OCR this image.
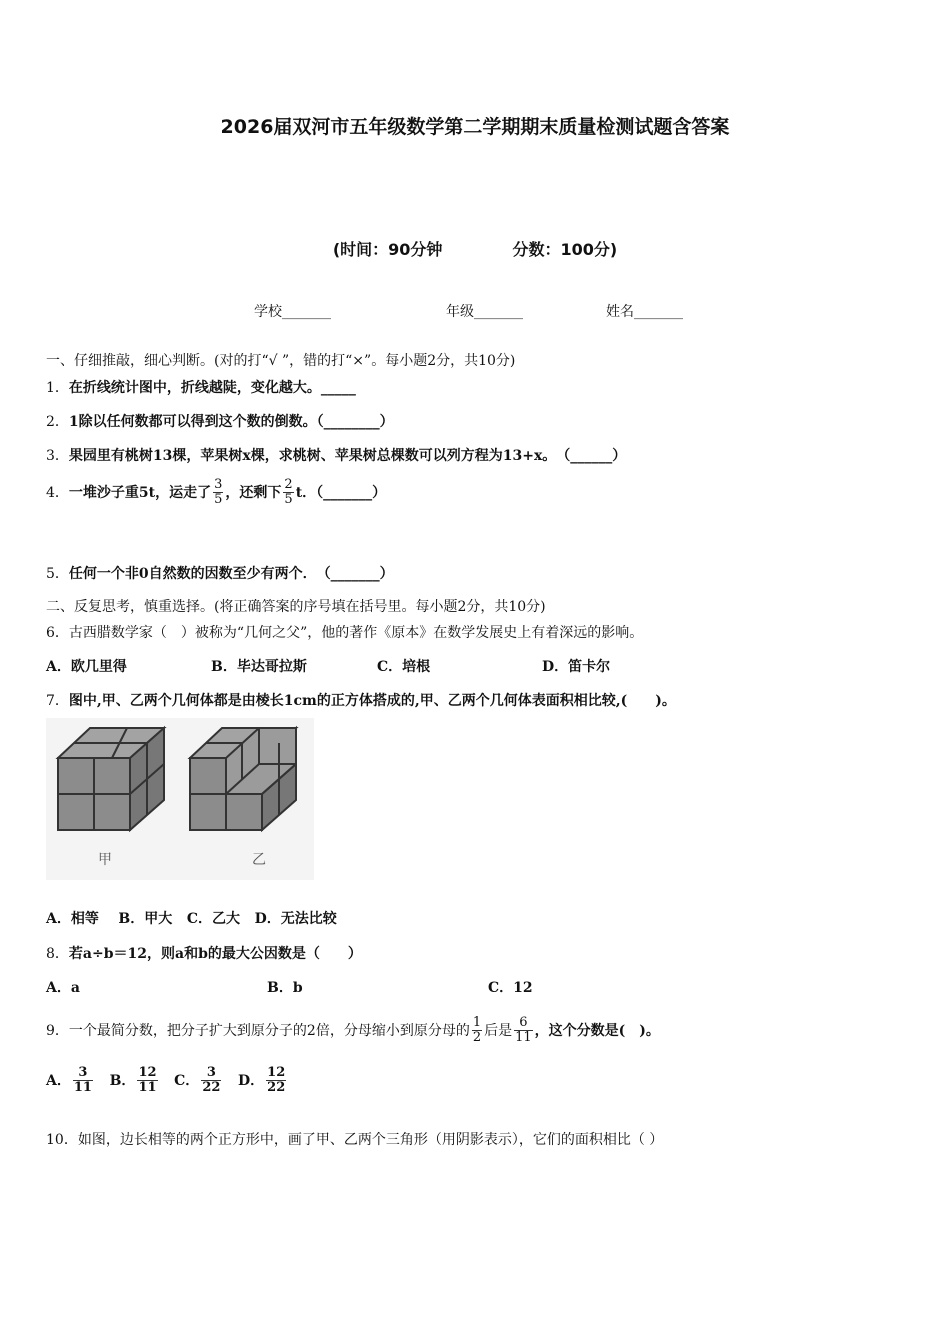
2026届双河市五年级数学第二学期期末质量检测试题含答案
(时间：90分钟	分数：100分)
学校_______	年级_______	姓名_______
一、仔细推敲，细心判断。(对的打“√ ”，错的打“×”。每小题2分，共10分)
1．在折线统计图中，折线越陡，变化越大。_____
2．1除以任何数都可以得到这个数的倒数。（________）
3．果园里有桃树13棵，苹果树x棵，求桃树、苹果树总棵数可以列方程为13+x。　（______）
4．一堆沙子重5t，运走了 $\frac{3}{5}$ ，还剩下 $\frac{2}{5}$ t．（_______）
5．任何一个非0自然数的因数至少有两个．　（_______）
二、反复思考，慎重选择。(将正确答案的序号填在括号里。每小题2分，共10分)
6．古西腊数学家（　）被称为“几何之父”，他的著作《原本》在数学发展史上有着深远的影响。
A．欧几里得	B．毕达哥拉斯	C．培根	D．笛卡尔
7．图中,甲、乙两个几何体都是由棱长1cm的正方体搭成的,甲、乙两个几何体表面积相比较,(　　)。
甲	乙
A．相等 B．甲大 C．乙大 D．无法比较
8．若a÷b＝12，则a和b的最大公因数是（　　）
A．a	B．b	C．12
9．一个最简分数，把分子扩大到原分子的2倍，分母缩小到原分母的 $\frac{1}{2}$ 后是 $\frac{6}{11}$ ，这个分数是(　)。
A． $\frac{3}{11}$ B． $\frac{12}{11}$ C． $\frac{3}{22}$ D． $\frac{12}{22}$
10．如图，边长相等的两个正方形中，画了甲、乙两个三角形（用阴影表示），它们的面积相比（ ）
